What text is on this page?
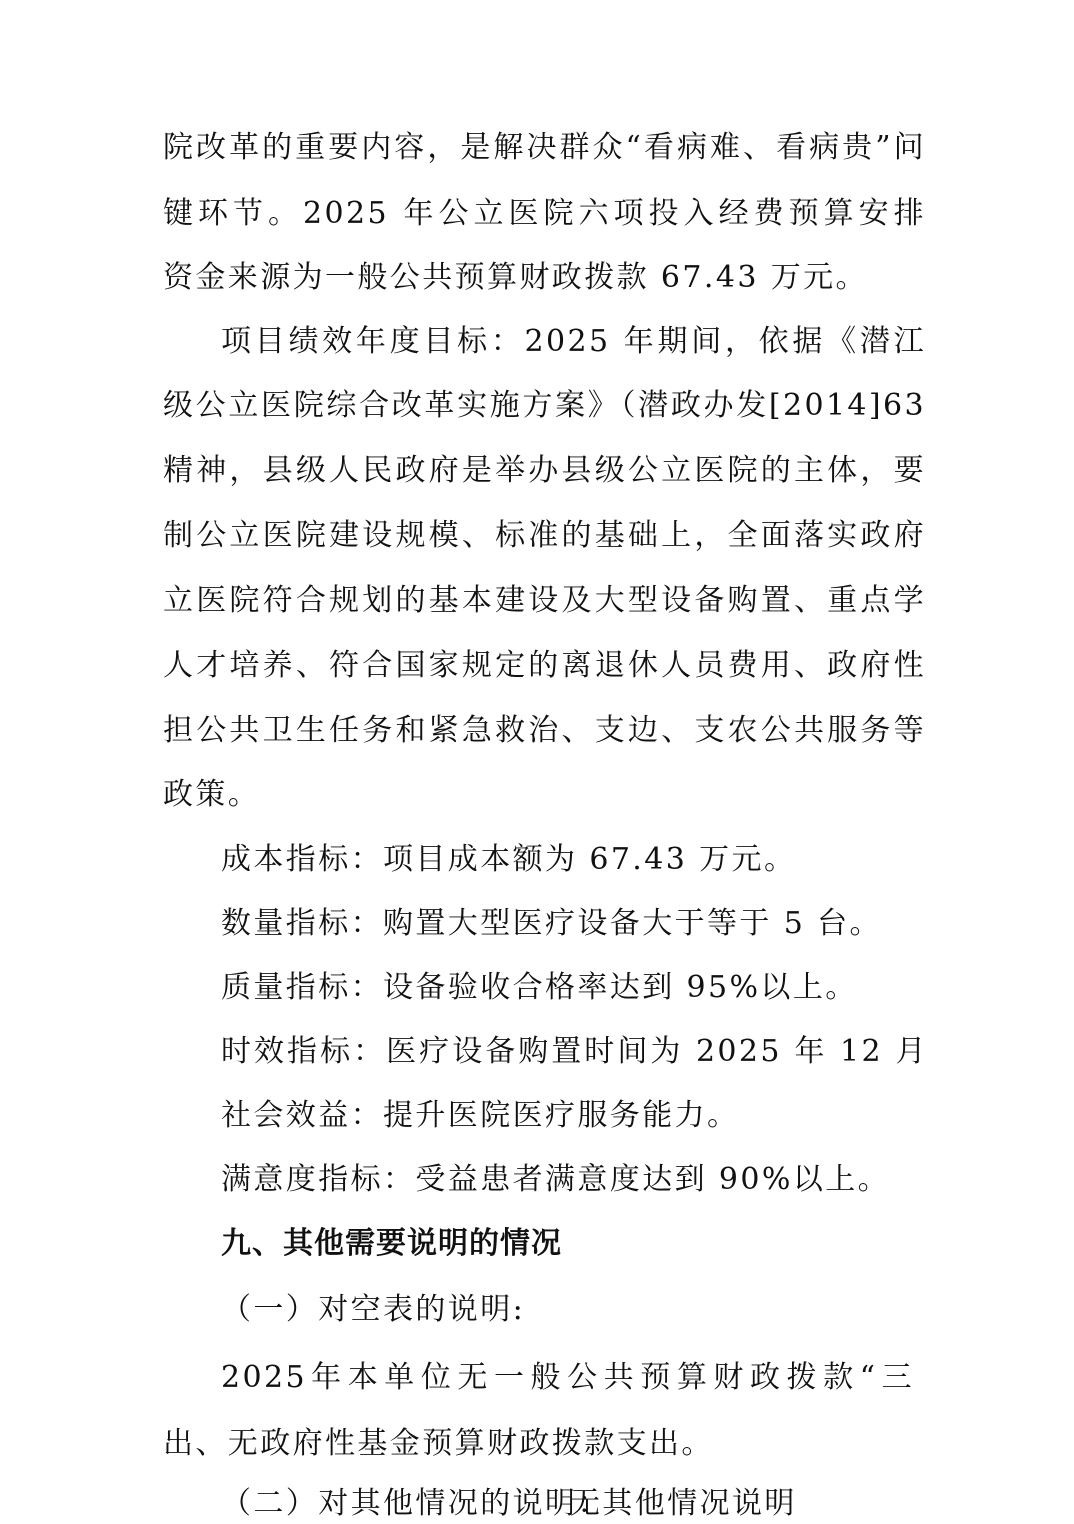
院改革的重要内容，是解决群众“看病难、看病贵”问
键环节。2025 年公立医院六项投入经费预算安排
资金来源为一般公共预算财政拨款 67.43 万元。
项目绩效年度目标：2025 年期间，依据《潜江
级公立医院综合改革实施方案》（潜政办发[2014]63
精神，县级人民政府是举办县级公立医院的主体，要
制公立医院建设规模、标准的基础上，全面落实政府
立医院符合规划的基本建设及大型设备购置、重点学
人才培养、符合国家规定的离退休人员费用、政府性
担公共卫生任务和紧急救治、支边、支农公共服务等
政策。
成本指标：项目成本额为 67.43 万元。
数量指标：购置大型医疗设备大于等于 5 台。
质量指标：设备验收合格率达到 95%以上。
时效指标：医疗设备购置时间为 2025 年 12 月
社会效益：提升医院医疗服务能力。
满意度指标：受益患者满意度达到 90%以上。
九、其他需要说明的情况
（一）对空表的说明:
2025年本单位无一般公共预算财政拨款“三
出、无政府性基金预算财政拨款支出。
（二）对其他情况的说明：
无其他情况说明
